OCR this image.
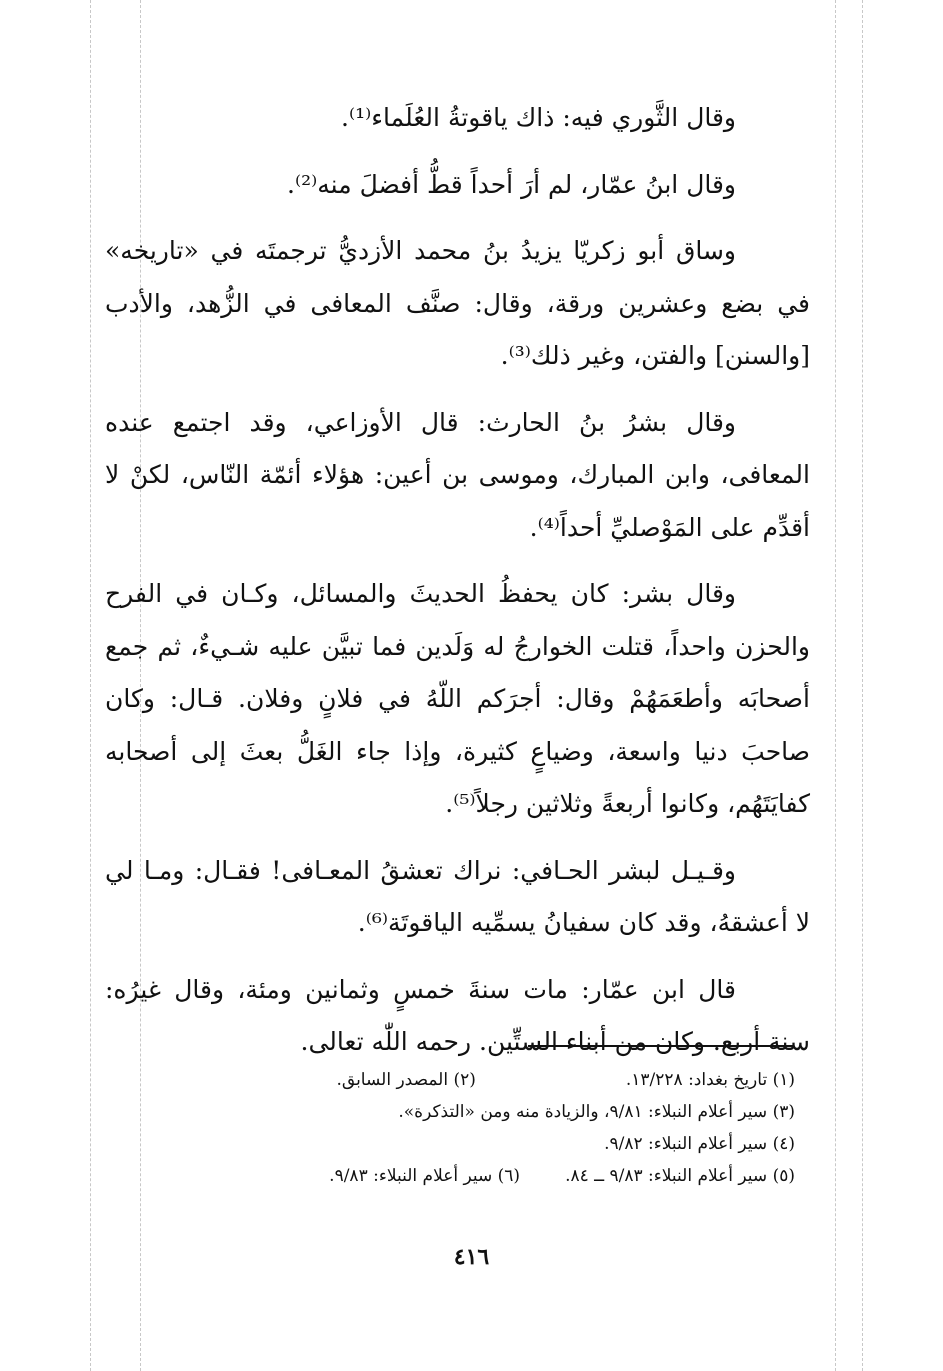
وقال الثَّوري فيه: ذاك ياقوتةُ العُلَماء⁽¹⁾.

وقال ابنُ عمّار، لم أرَ أحداً قطُّ أفضلَ منه⁽²⁾.

وساق أبو زكريّا يزيدُ بنُ محمد الأزديُّ ترجمتَه في «تاريخه» في بضع وعشرين ورقة، وقال: صنَّف المعافى في الزُّهد، والأدب [والسنن] والفتن، وغير ذلك⁽³⁾.

وقال بشرُ بنُ الحارث: قال الأوزاعي، وقد اجتمع عنده المعافى، وابن المبارك، وموسى بن أعين: هؤلاء أئمّة النّاس، لكنْ لا أقدِّم على المَوْصليِّ أحداً⁽⁴⁾.

وقال بشر: كان يحفظُ الحديثَ والمسائل، وكـان في الفرح والحزن واحداً، قتلت الخوارجُ له وَلَدين فما تبيَّن عليه شـيءٌ، ثم جمع أصحابَه وأطعَمَهُمْ وقال: أجرَكم اللّهُ في فلانٍ وفلان. قـال: وكان صاحبَ دنيا واسعة، وضياعٍ كثيرة، وإذا جاء الغَلُّ بعثَ إلى أصحابه كفايَتَهُم، وكانوا أربعةً وثلاثين رجلاً⁽⁵⁾.

وقـيـل لبشر الحـافي: نراك تعشقُ المعـافى! فقـال: ومـا لي لا أعشقهُ، وقد كان سفيانُ يسمِّيه الياقوتَة⁽⁶⁾.

قال ابن عمّار: مات سنةَ خمسٍ وثمانين ومئة، وقال غيرُه: سنة أربع. وكان من أبناء الستِّين. رحمه اللّٰه تعالى.

(١) تاريخ بغداد: ١٣/٢٢٨.
(٢) المصدر السابق.
(٣) سير أعلام النبلاء: ٩/٨١، والزيادة منه ومن «التذكرة».
(٤) سير أعلام النبلاء: ٩/٨٢.
(٥) سير أعلام النبلاء: ٩/٨٣ ــ ٨٤.
(٦) سير أعلام النبلاء: ٩/٨٣.
٤١٦
